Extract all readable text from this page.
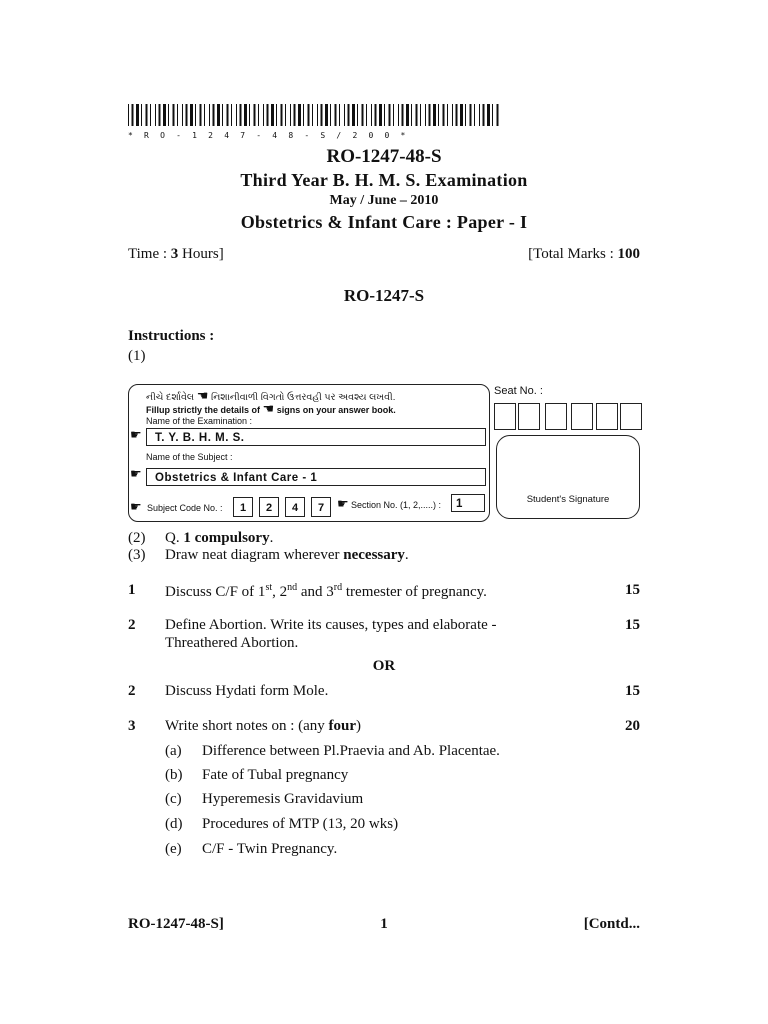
* R O - 1 2 4 7 - 4 8 - S / 2 0 0 *
RO-1247-48-S
Third Year B. H. M. S. Examination
May / June – 2010
Obstetrics & Infant Care : Paper - I
Time : 3 Hours]	[Total Marks : 100
RO-1247-S
Instructions :
(1)
નીચે દર્શાવેલ ☚ નિશાનીવાળી વિગતો ઉત્તરવહી પર અવશ્ય લખવી.
Fillup strictly the details of ☚ signs on your answer book.
Name of the Examination :
☛	T. Y. B. H. M. S.
Name of the Subject :
☛	Obstetrics & Infant Care - 1
☛ Subject Code No. :	1	2	4	7 ☛ Section No. (1, 2,.....) :	1
Seat No. :
Student's Signature
(2) Q. 1 compulsory.
(3) Draw neat diagram wherever necessary.
1 Discuss C/F of 1st, 2nd and 3rd tremester of pregnancy.	15
2 Define Abortion. Write its causes, types and elaborate -
Threathered Abortion.
15
OR
2 Discuss Hydati form Mole.	15
3 Write short notes on : (any four)	20
(a) Difference between Pl.Praevia and Ab. Placentae.
(b) Fate of Tubal pregnancy
(c) Hyperemesis Gravidavium
(d) Procedures of MTP (13, 20 wks)
(e) C/F - Twin Pregnancy.
RO-1247-48-S]	1	[Contd...
